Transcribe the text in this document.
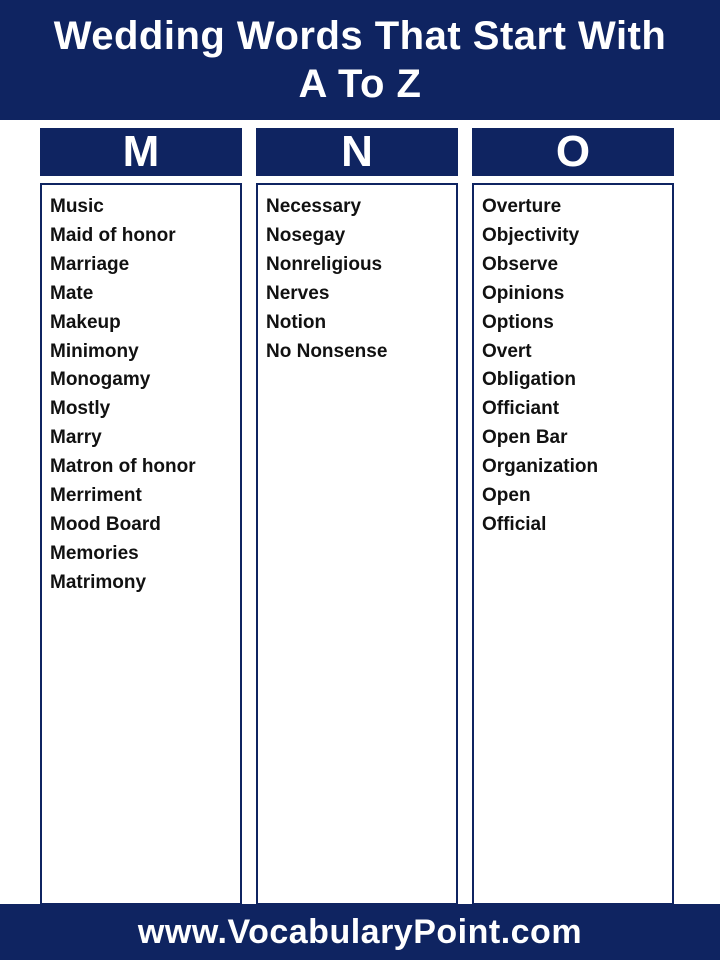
Wedding Words That Start With A To Z
M	N	O
Music
Maid of honor
Marriage
Mate
Makeup
Minimony
Monogamy
Mostly
Marry
Matron of honor
Merriment
Mood Board
Memories
Matrimony
Necessary
Nosegay
Nonreligious
Nerves
Notion
No Nonsense
Overture
Objectivity
Observe
Opinions
Options
Overt
Obligation
Officiant
Open Bar
Organization
Open
Official
www.VocabularyPoint.com
